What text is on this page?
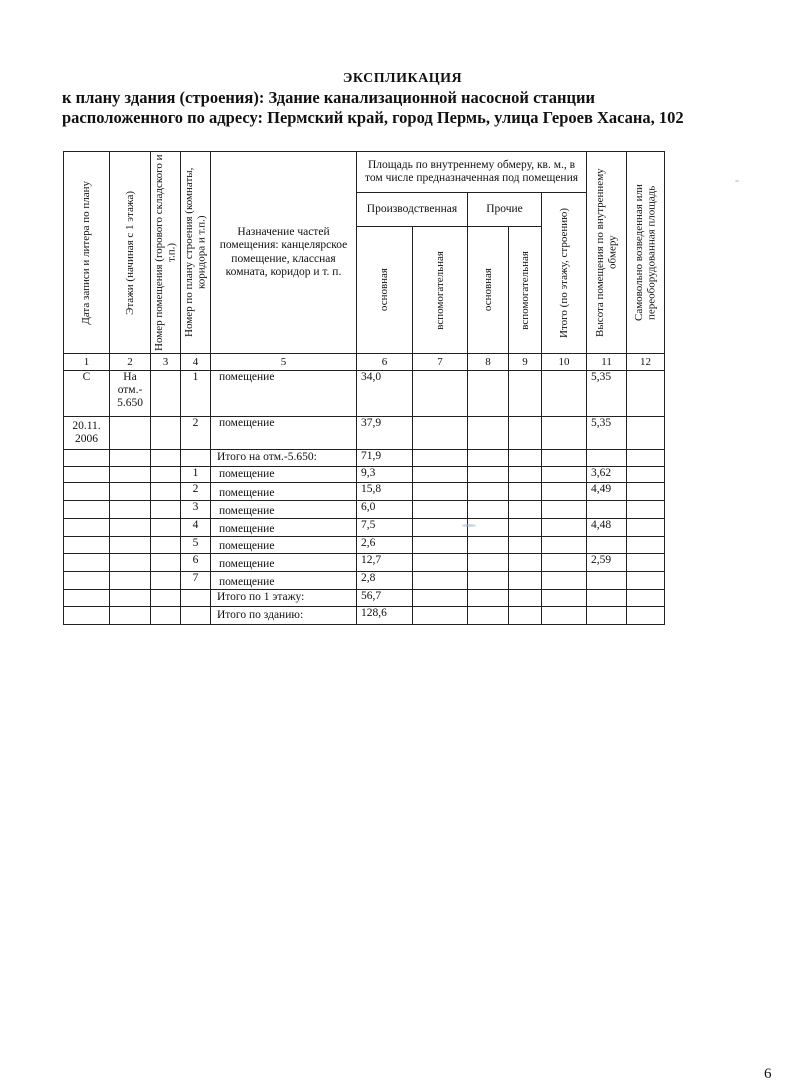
ЭКСПЛИКАЦИЯ
к плану здания (строения): Здание канализационной насосной станции
расположенного по адресу: Пермский край, город Пермь, улица Героев Хасана, 102
Дата записи и литера по плану	Этажи (начиная с 1 этажа)	Номер помещения (горового складского и т.п.)	Номер по плану строения (комнаты, коридора и т.п.)	Назначение частей помещения: канцелярское помещение, классная комната, коридор и т. п.	Площадь по внутреннему обмеру, кв. м., в том числе предназначенная под помещения					Высота помещения по внутреннему обмеру	Самовольно возведенная или переоборудованная площадь

					Производственная		Прочие		Итого (по этажу, строению)		

					основная	вспомогательная	основная	вспомогательная			

1	2	3	4	5	6	7	8	9	10	11	12
С	На отм.- 5.650		1	помещение	34,0					5,35	
20.11. 2006			2	помещение	37,9					5,35	
				Итого на отм.-5.650:	71,9						
			1	помещение	9,3					3,62	
			2	помещение	15,8					4,49	
			3	помещение	6,0						
			4	помещение	7,5					4,48	
			5	помещение	2,6						
			6	помещение	12,7					2,59	
			7	помещение	2,8						
				Итого по 1 этажу:	56,7						
				Итого по зданию:	128,6						
6
